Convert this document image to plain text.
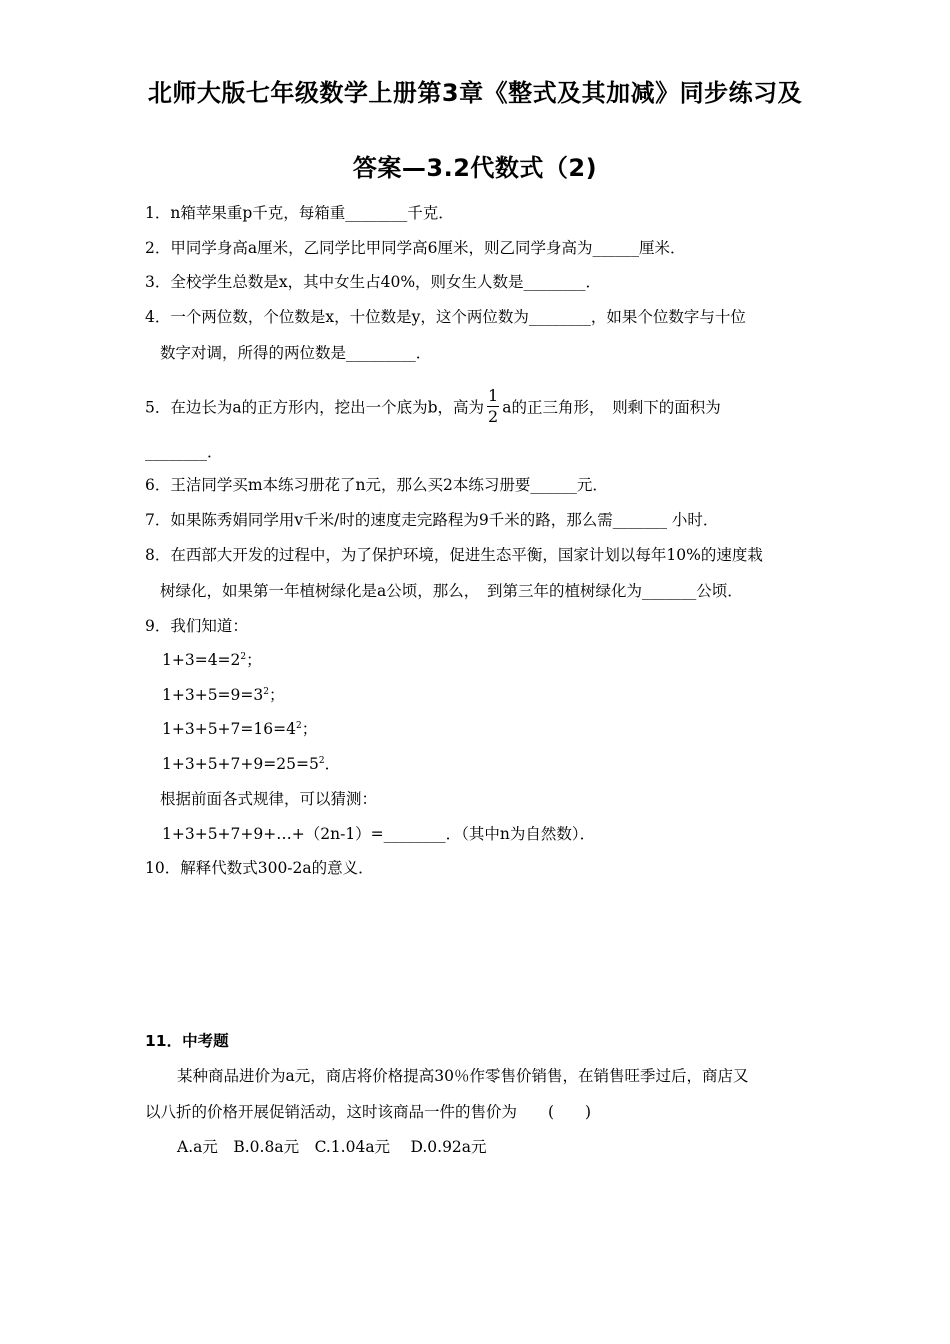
北师大版七年级数学上册第3章《整式及其加减》同步练习及
答案—3.2代数式（2)
1．n箱苹果重p千克，每箱重________千克．
2．甲同学身高a厘米，乙同学比甲同学高6厘米，则乙同学身高为______厘米．
3．全校学生总数是x，其中女生占40%，则女生人数是________．
4．一个两位数，个位数是x，十位数是y，这个两位数为________，如果个位数字与十位
数字对调，所得的两位数是_________．
5．在边长为a的正方形内，挖出一个底为b，高为 $\frac{1}{2}$ a的正三角形，　则剩下的面积为
________．
6．王洁同学买m本练习册花了n元，那么买2本练习册要______元．
7．如果陈秀娟同学用v千米/时的速度走完路程为9千米的路，那么需_______ 小时．
8．在西部大开发的过程中，为了保护环境，促进生态平衡，国家计划以每年10%的速度栽
树绿化，如果第一年植树绿化是a公顷，那么，　到第三年的植树绿化为_______公顷．
9．我们知道：
$1+3=4=2^2$；
$1+3+5=9=3^2$；
$1+3+5+7=16=4^2$；
$1+3+5+7+9=25=5^2$．
根据前面各式规律，可以猜测：
1+3+5+7+9+…+（2n-1）=________．（其中n为自然数）．
10．解释代数式300-2a的意义．
11．中考题
某种商品进价为a元，商店将价格提高30％作零售价销售，在销售旺季过后，商店又
以八折的价格开展促销活动，这时该商品一件的售价为　　(　　)
A.a元　B.0.8a元　C.1.04a元　 D.0.92a元
